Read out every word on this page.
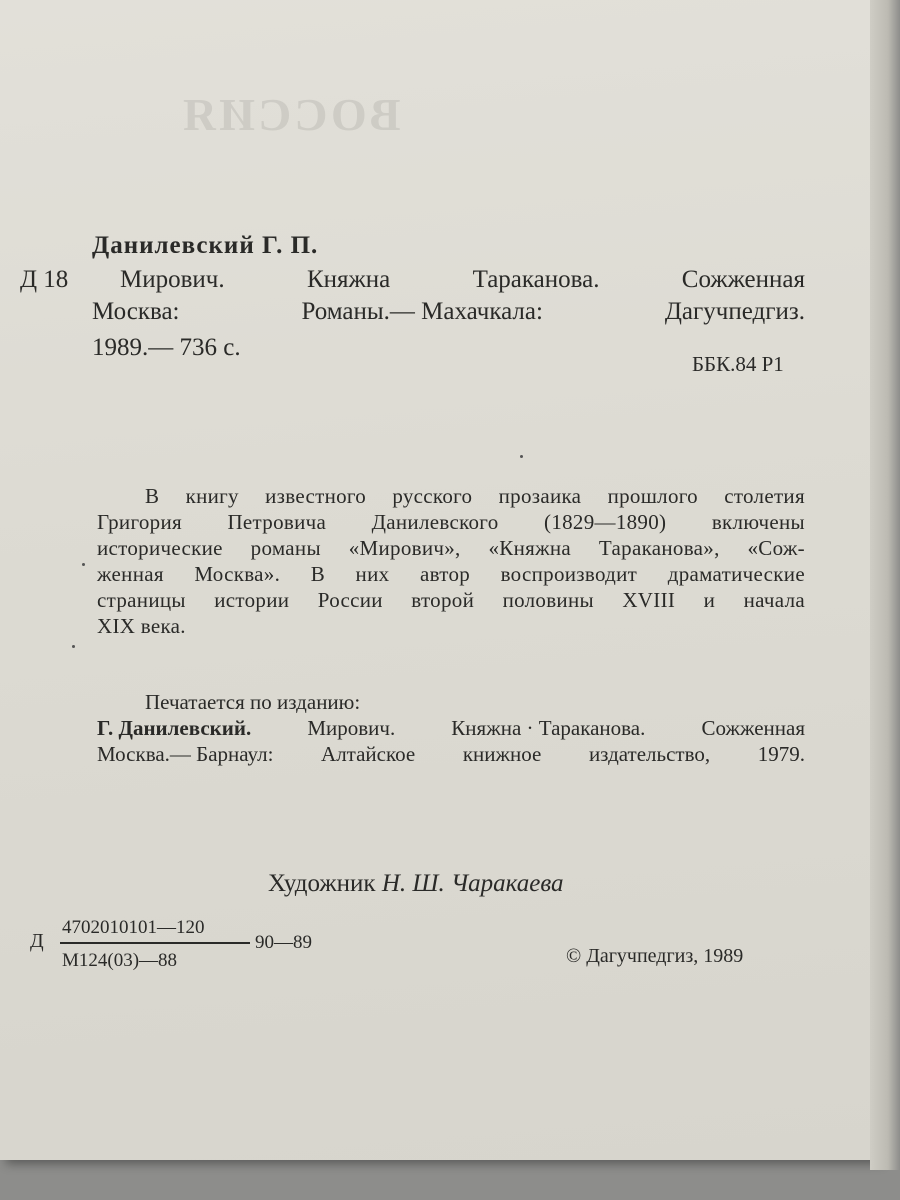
ВОССИЯ
Данилевский Г. П.
Д 18 Мирович.	Княжна	Тараканова.	Сожженная
Москва:	Романы.— Махачкала:	Дагучпедгиз.
1989.— 736 с.
ББК.84 Р1
В книгу известного русского прозаика прошлого столетия
Григория Петровича Данилевского (1829—1890) включены
исторические романы «Мирович», «Княжна Тараканова», «Сож-
женная Москва». В них автор воспроизводит драматические
страницы истории России второй половины XVIII и начала
XIX века.
Печатается по изданию:
Г. Данилевский.	Мирович.	Княжна · Тараканова.	Сожженная
Москва.— Барнаул: Алтайское книжное издательство, 1979.
Художник Н. Ш. Чаракаева
Д
4702010101—120
90—89
М124(03)—88	© Дагучпедгиз, 1989
